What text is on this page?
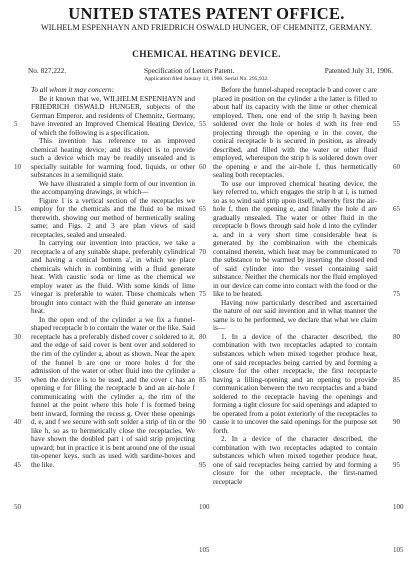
UNITED STATES PATENT OFFICE.
WILHELM ESPENHAYN AND FRIEDRICH OSWALD HUNGER, OF CHEMNITZ, GERMANY.
CHEMICAL HEATING DEVICE.
No. 827,222.	Specification of Letters Patent.	Patented July 31, 1906.
Application filed January 13, 1906. Serial No. 295,932.
5
10
15
20
25
30
35
40
45
50

To all whom it may concern:

Be it known that we, WILHELM ESPENHAYN and FRIEDRICH OSWALD HUNGER, subjects of the German Emperor, and residents of Chemnitz, Germany, have invented an Improved Chemical Heating Device, of which the following is a specification.

This invention has reference to an improved chemical heating device; and its object is to provide such a device which may be readily unsealed and is specially suitable for warming food, liquids, or other substances in a semiliquid state.

We have illustrated a simple form of our invention in the accompanying drawings, in which—

Figure 1 is a vertical section of the receptacles we employ for the chemicals and the fluid to be mixed therewith, showing our method of hermetically sealing same; and Figs. 2 and 3 are plan views of said receptacles, sealed and unsealed.

In carrying our invention into practice, we take a receptacle a of any suitable shape, preferably cylindrical and having a conical bottom a', in which we place chemicals which in combining with a fluid generate heat. With caustic soda or lime as the chemical we employ water as the fluid. With some kinds of lime vinegar is preferable to water. These chemicals when brought into contact with the fluid generate an intense heat.

In the open end of the cylinder a we fix a funnel-shaped receptacle b to contain the water or the like. Said receptacle has a preferably dished cover c soldered to it, and the edge of said cover is bent over and soldered to the rim of the cylinder a, about as shown. Near the apex of the funnel b are one or more holes d for the admission of the water or other fluid into the cylinder a when the device is to be used, and the cover c has an opening e for filling the receptacle b and an air-hole f communicating with the cylinder a, the rim of the funnel at the point where this hole f is formed being bent inward, forming the recess g. Over these openings d, e, and f we secure with soft solder a strip of tin or the like h, so as to hermetically close the receptacles. We have shown the doubled part i of said strip projecting upward; but in practice it is bent around one of the usual tin-opener keys, such as used with sardine-boxes and the like.

55
60
65
70
75
80
85
90
95
100
105

Before the funnel-shaped receptacle b and cover c are placed in position on the cylinder a the latter is filled to about half its capacity with the lime or other chemical employed. Then, one end of the strip h having been soldered over the hole or holes d with its free end projecting through the opening e in the cover, the conical receptacle b is secured in position, as already described, and filled with the water or other fluid employed, whereupon the strip h is soldered down over the opening e and the air-hole f, thus hermetically sealing both receptacles.

To use our improved chemical heating device, the key referred to, which engages the strip h at i, is turned so as to wind said strip upon itself, whereby first the air-hole f, then the opening e, and finally the hole d are gradually unsealed. The water or other fluid in the receptacle b flows through said hole d into the cylinder a, and in a very short time considerable heat is generated by the combination with the chemicals contained therein, which heat may be communicated to the substance to be warmed by inserting the closed end of said cylinder into the vessel containing said substance. Neither the chemicals nor the fluid employed in our device can come into contact with the food or the like to be heated.

Having now particularly described and ascertained the nature of our said invention and in what manner the same is to be performed, we declare that what we claim is—

1. In a device of the character described, the combination with two receptacles adapted to contain substances which when mixed together produce heat, one of said receptacles being carried by and forming a closure for the other receptacle, the first receptacle having a filling-opening and an opening to provide communication between the two receptacles and a band soldered to the receptacle having the openings and forming a tight closure for said openings and adapted to be operated from a point exteriorly of the receptacles to cause it to uncover the said openings for the purpose set forth.

2. In a device of the character described, the combination with two receptacles adapted to contain substances which when mixed together produce heat, one of said receptacles being carried by and forming a closure for the other receptacle, the first-named receptacle

55
60
65
70
75
80
85
90
95
100
105
